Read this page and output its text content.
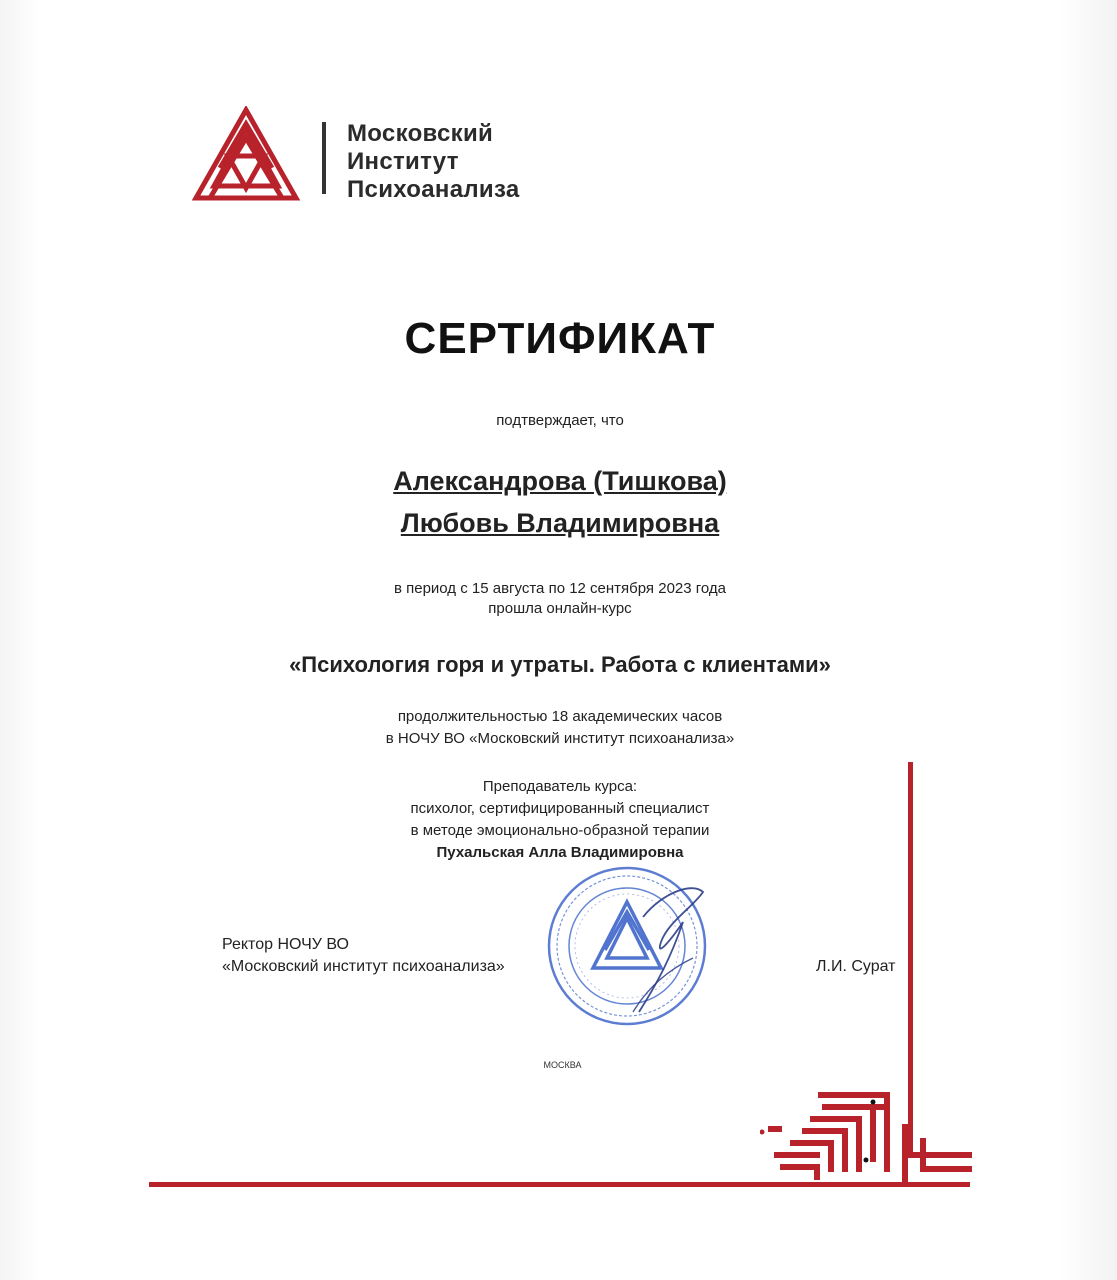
Московский
Институт
Психоанализа
СЕРТИФИКАТ
подтверждает, что
Александрова (Тишкова)
Любовь Владимировна
в период с 15 августа по 12 сентября 2023 года
прошла онлайн-курс
«Психология горя и утраты. Работа с клиентами»
продолжительностью 18 академических часов
в НОЧУ ВО «Московский институт психоанализа»
Преподаватель курса:
психолог, сертифицированный специалист
в методе эмоционально-образной терапии
Пухальская Алла Владимировна
Ректор НОЧУ ВО
«Московский институт психоанализа»	Л.И. Сурат
МОСКВА
